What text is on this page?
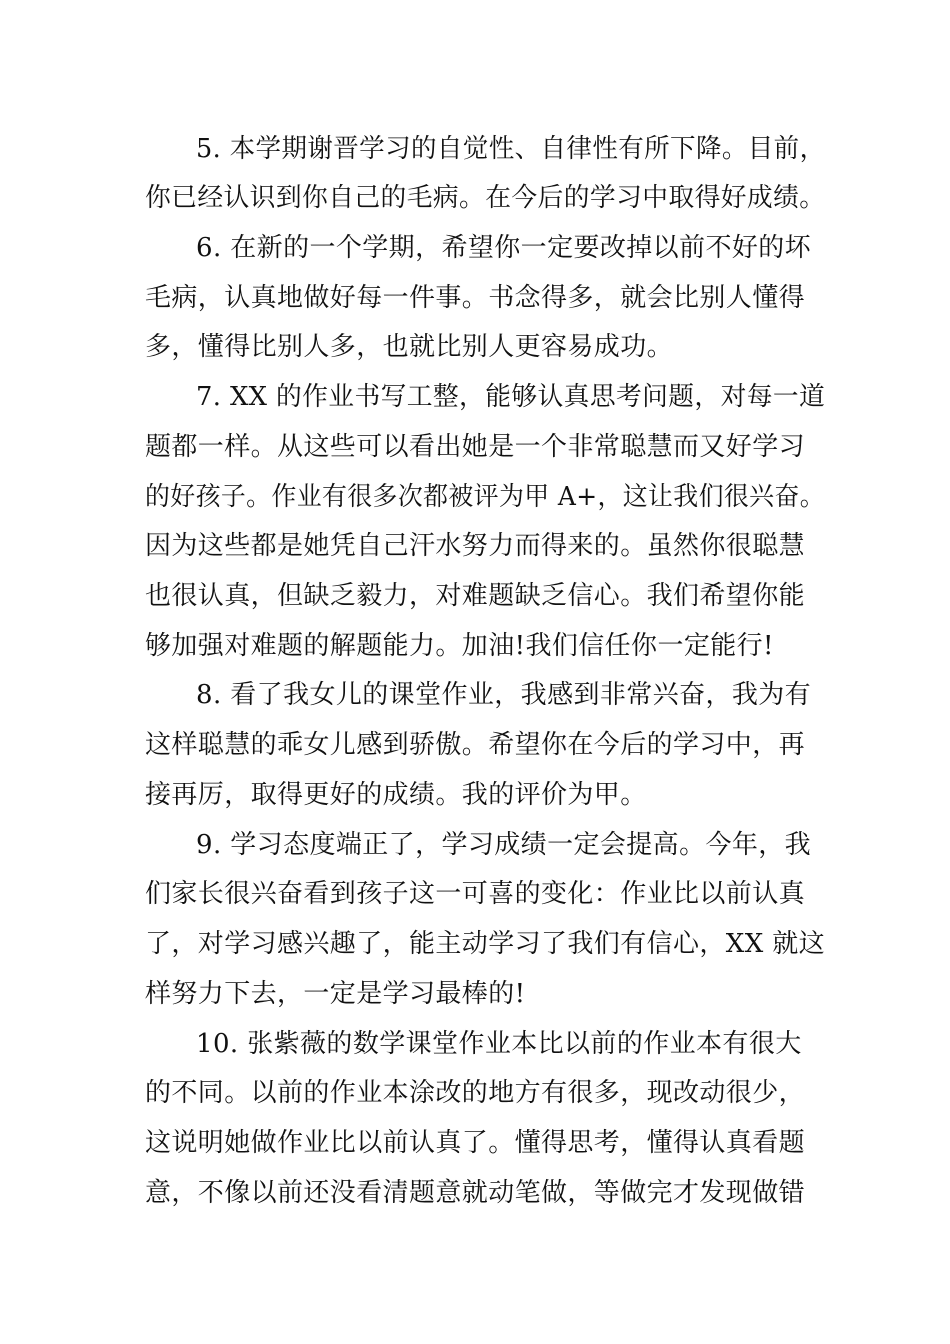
5. 本学期谢晋学习的自觉性、自律性有所下降。目前，
你已经认识到你自己的毛病。在今后的学习中取得好成绩。
6. 在新的一个学期，希望你一定要改掉以前不好的坏
毛病，认真地做好每一件事。书念得多，就会比别人懂得
多，懂得比别人多，也就比别人更容易成功。
7. XX 的作业书写工整，能够认真思考问题，对每一道
题都一样。从这些可以看出她是一个非常聪慧而又好学习
的好孩子。作业有很多次都被评为甲 A+，这让我们很兴奋。
因为这些都是她凭自己汗水努力而得来的。虽然你很聪慧
也很认真，但缺乏毅力，对难题缺乏信心。我们希望你能
够加强对难题的解题能力。加油!我们信任你一定能行!
8. 看了我女儿的课堂作业，我感到非常兴奋，我为有
这样聪慧的乖女儿感到骄傲。希望你在今后的学习中，再
接再厉，取得更好的成绩。我的评价为甲。
9. 学习态度端正了，学习成绩一定会提高。今年，我
们家长很兴奋看到孩子这一可喜的变化：作业比以前认真
了，对学习感兴趣了，能主动学习了我们有信心，XX 就这
样努力下去，一定是学习最棒的!
10. 张紫薇的数学课堂作业本比以前的作业本有很大
的不同。以前的作业本涂改的地方有很多，现改动很少，
这说明她做作业比以前认真了。懂得思考，懂得认真看题
意，不像以前还没看清题意就动笔做，等做完才发现做错
